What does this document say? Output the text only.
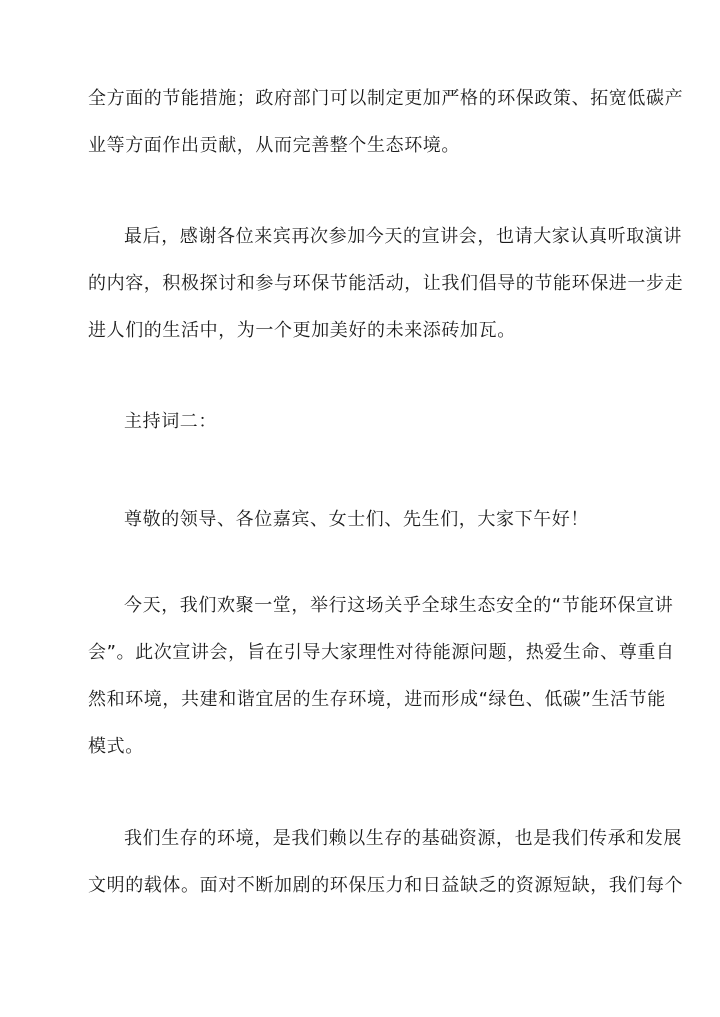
全方面的节能措施；政府部门可以制定更加严格的环保政策、拓宽低碳产
业等方面作出贡献，从而完善整个生态环境。

最后，感谢各位来宾再次参加今天的宣讲会，也请大家认真听取演讲
的内容，积极探讨和参与环保节能活动，让我们倡导的节能环保进一步走
进人们的生活中，为一个更加美好的未来添砖加瓦。

主持词二：

尊敬的领导、各位嘉宾、女士们、先生们，大家下午好！

今天，我们欢聚一堂，举行这场关乎全球生态安全的“节能环保宣讲
会”。此次宣讲会，旨在引导大家理性对待能源问题，热爱生命、尊重自
然和环境，共建和谐宜居的生存环境，进而形成“绿色、低碳”生活节能
模式。

我们生存的环境，是我们赖以生存的基础资源，也是我们传承和发展
文明的载体。面对不断加剧的环保压力和日益缺乏的资源短缺，我们每个
